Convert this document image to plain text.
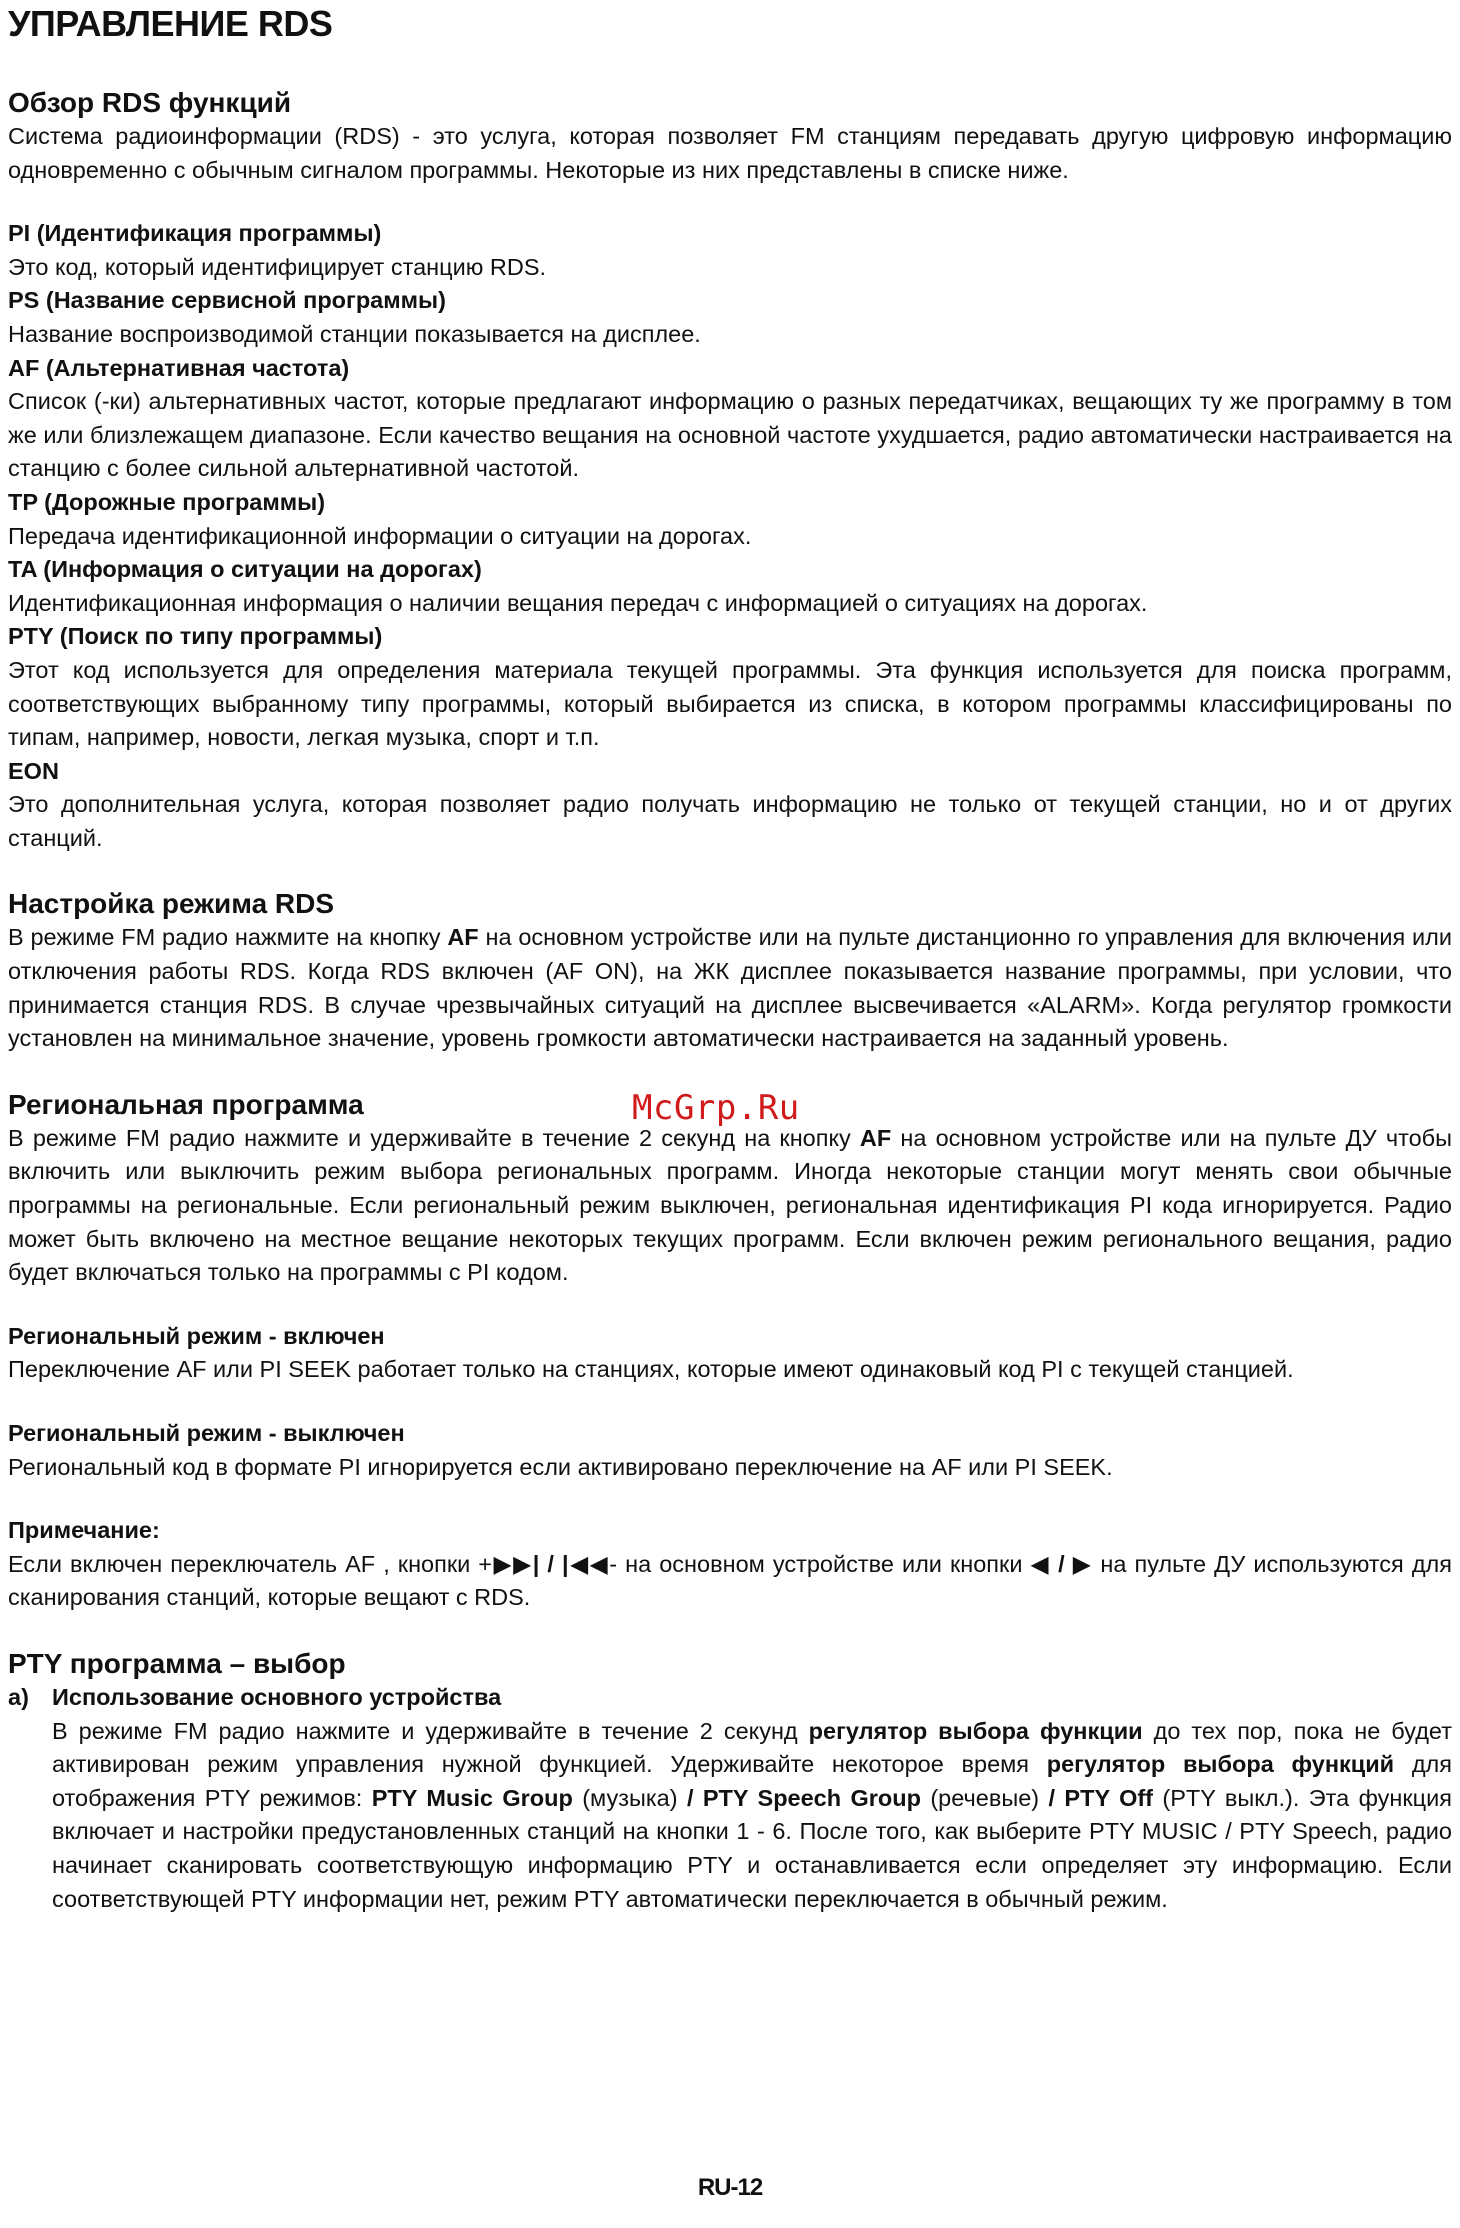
УПРАВЛЕНИЕ RDS
Обзор RDS функций

Система радиоинформации (RDS) - это услуга, которая позволяет FM станциям передавать другую цифровую информацию одновременно с обычным сигналом программы. Некоторые из них представлены в списке ниже.

PI (Идентификация программы)

Это код, который идентифицирует станцию RDS.

PS (Название сервисной программы)

Название воспроизводимой станции показывается на дисплее.

AF (Альтернативная частота)

Список (-ки) альтернативных частот, которые предлагают информацию о разных передатчиках, вещающих ту же программу в том же или близлежащем диапазоне. Если качество вещания на основной частоте ухудшается, радио автоматически настраивается на станцию с более сильной альтернативной частотой.

TP (Дорожные программы)

Передача идентификационной информации о ситуации на дорогах.

TA (Информация о ситуации на дорогах)

Идентификационная информация о наличии вещания передач с информацией о ситуациях на дорогах.

PTY (Поиск по типу программы)

Этот код используется для определения материала текущей программы. Эта функция используется для поиска программ, соответствующих выбранному типу программы, который выбирается из списка, в котором программы классифицированы по типам, например, новости, легкая музыка, спорт и т.п.

EON

Это дополнительная услуга, которая позволяет радио получать информацию не только от текущей станции, но и от других станций.

Настройка режима RDS

В режиме FM радио нажмите на кнопку AF на основном устройстве или на пульте дистанционно го управления для включения или отключения работы RDS. Когда RDS включен (AF ON), на ЖК дисплее показывается название программы, при условии, что принимается станция RDS. В случае чрезвычайных ситуаций на дисплее высвечивается «ALARM». Когда регулятор громкости установлен на минимальное значение, уровень громкости автоматически настраивается на заданный уровень.

Региональная программа

В режиме FM радио нажмите и удерживайте в течение 2 секунд на кнопку AF на основном устройстве или на пульте ДУ чтобы включить или выключить режим выбора региональных программ. Иногда некоторые станции могут менять свои обычные программы на региональные. Если региональный режим выключен, региональная идентификация PI кода игнорируется. Радио может быть включено на местное вещание некоторых текущих программ. Если включен режим регионального вещания, радио будет включаться только на программы с PI кодом.

Региональный режим - включен

Переключение AF или PI SEEK работает только на станциях, которые имеют одинаковый код PI с текущей станцией.

Региональный режим - выключен

Региональный код в формате PI игнорируется если активировано переключение на AF или PI SEEK.

Примечание:

Если включен переключатель AF , кнопки +▶▶| / |◀◀- на основном устройстве или кнопки ◀ / ▶ на пульте ДУ используются для сканирования станций, которые вещают с RDS.

PTY программа – выбор
a) Использование основного устройства

В режиме FM радио нажмите и удерживайте в течение 2 секунд регулятор выбора функции до тех пор, пока не будет активирован режим управления нужной функцией. Удерживайте некоторое время регулятор выбора функций для отображения PTY режимов: PTY Music Group (музыка) / PTY Speech Group (речевые) / PTY Off (PTY выкл.). Эта функция включает и настройки предустановленных станций на кнопки 1 - 6. После того, как выберите PTY MUSIC / PTY Speech, радио начинает сканировать соответствующую информацию PTY и останавливается если определяет эту информацию. Если соответствующей PTY информации нет, режим PTY автоматически переключается в обычный режим.

McGrp.Ru
RU-12
